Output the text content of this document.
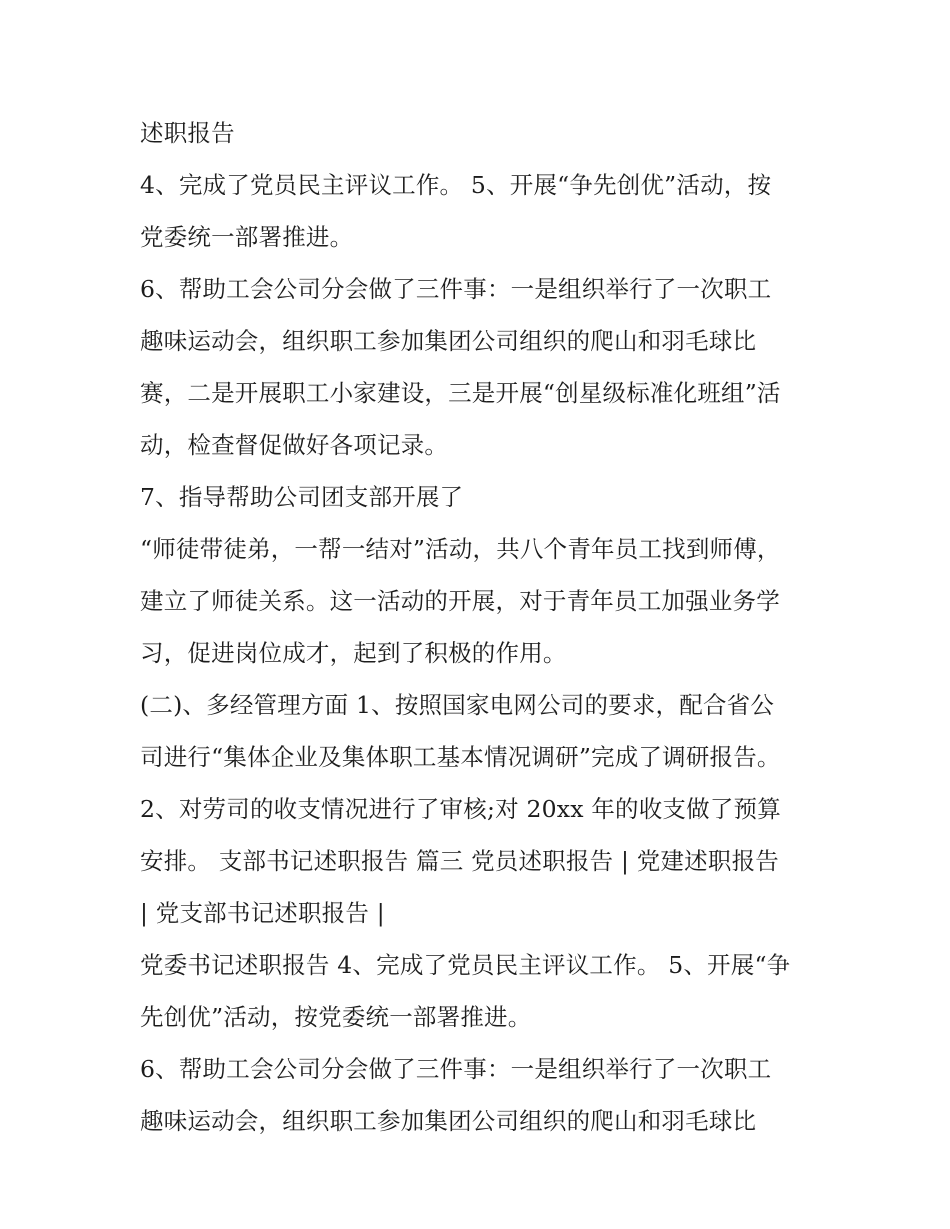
述职报告
4、完成了党员民主评议工作。 5、开展“争先创优”活动，按
党委统一部署推进。
6、帮助工会公司分会做了三件事：一是组织举行了一次职工
趣味运动会，组织职工参加集团公司组织的爬山和羽毛球比
赛，二是开展职工小家建设，三是开展“创星级标准化班组”活
动，检查督促做好各项记录。
7、指导帮助公司团支部开展了
“师徒带徒弟，一帮一结对”活动，共八个青年员工找到师傅，
建立了师徒关系。这一活动的开展，对于青年员工加强业务学
习，促进岗位成才，起到了积极的作用。
(二)、多经管理方面 1、按照国家电网公司的要求，配合省公
司进行“集体企业及集体职工基本情况调研”完成了调研报告。
2、对劳司的收支情况进行了审核;对 20xx 年的收支做了预算
安排。 支部书记述职报告 篇三 党员述职报告 | 党建述职报告
| 党支部书记述职报告 |
党委书记述职报告 4、完成了党员民主评议工作。 5、开展“争
先创优”活动，按党委统一部署推进。
6、帮助工会公司分会做了三件事：一是组织举行了一次职工
趣味运动会，组织职工参加集团公司组织的爬山和羽毛球比
